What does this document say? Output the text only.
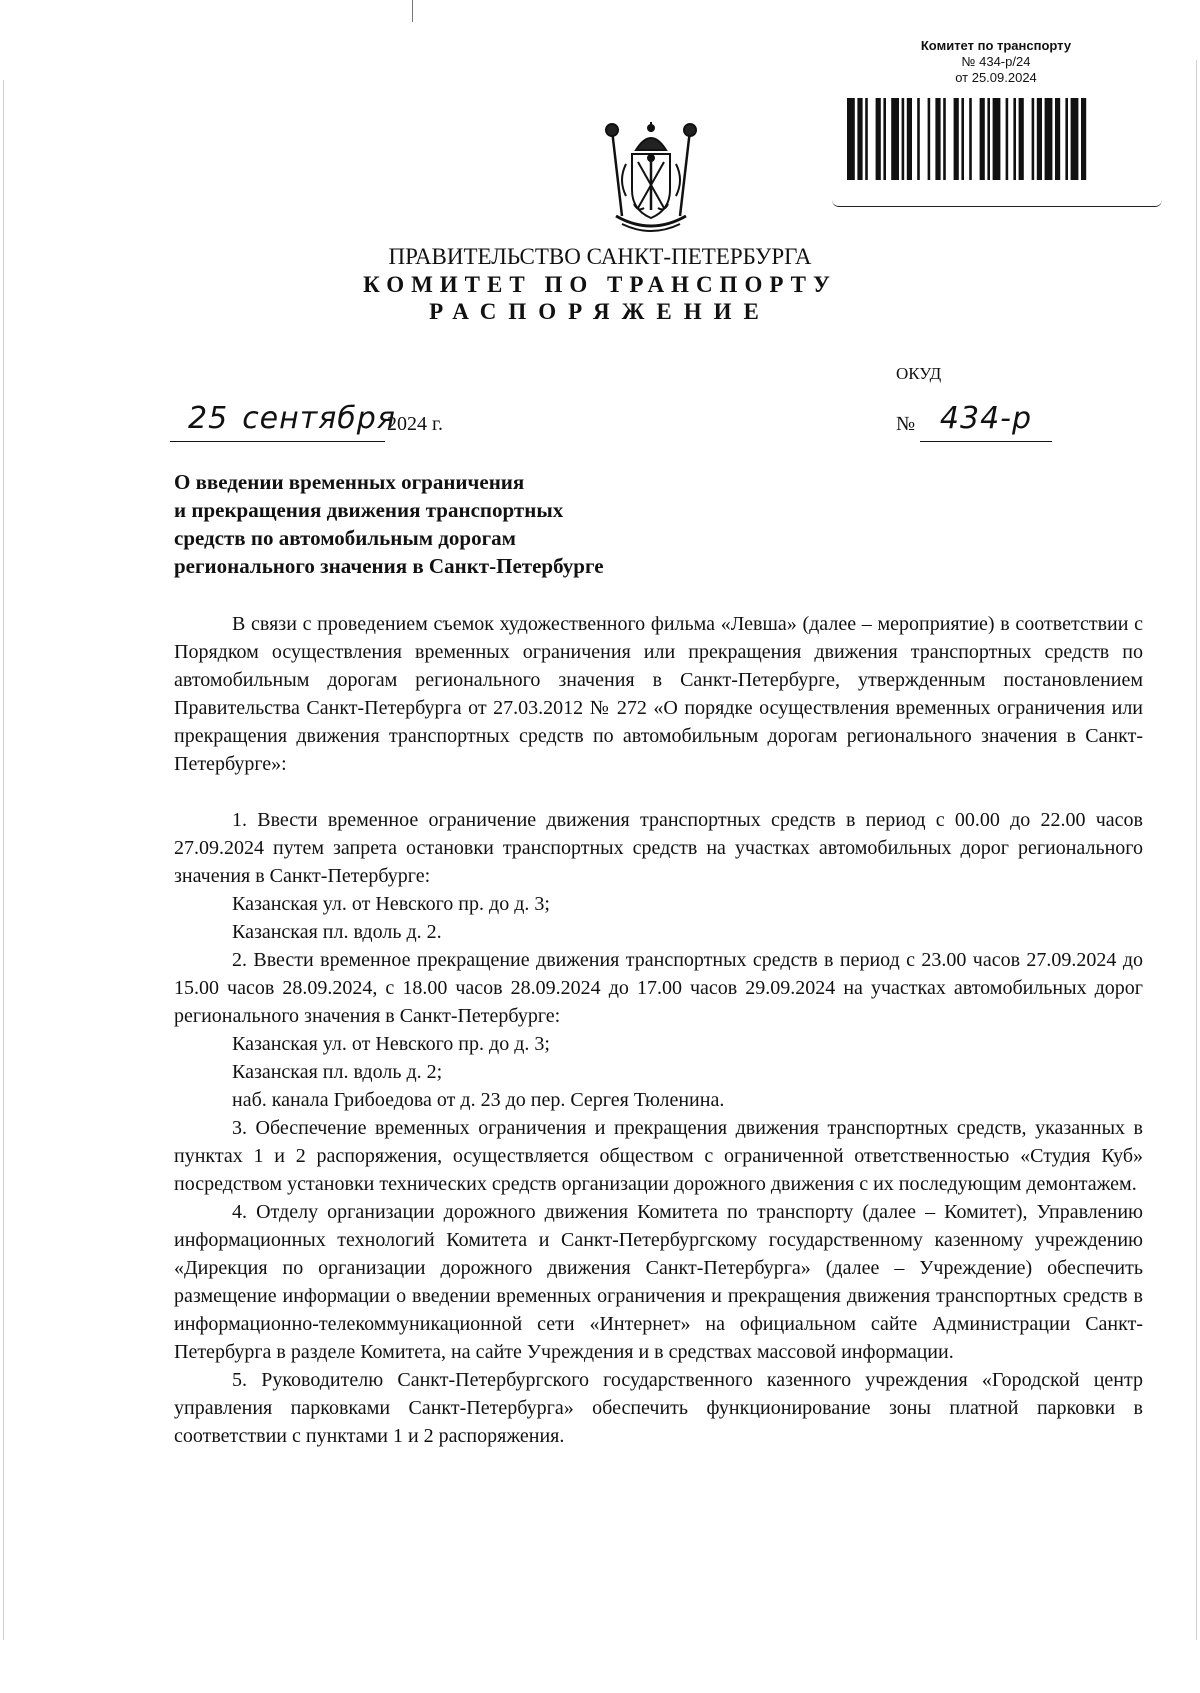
Комитет по транспорту
№ 434-р/24
от 25.09.2024
ПРАВИТЕЛЬСТВО САНКТ-ПЕТЕРБУРГА
КОМИТЕТ ПО ТРАНСПОРТУ
РАСПОРЯЖЕНИЕ
ОКУД
25 сентября
2024 г.	№ 434-р
О введении временных ограничения
и прекращения движения транспортных
средств по автомобильным дорогам
регионального значения в Санкт-Петербурге

В связи с проведением съемок художественного фильма «Левша» (далее – мероприятие) в соответствии с Порядком осуществления временных ограничения или прекращения движения транспортных средств по автомобильным дорогам регионального значения в Санкт-Петербурге, утвержденным постановлением Правительства Санкт-Петербурга от 27.03.2012 № 272 «О порядке осуществления временных ограничения или прекращения движения транспортных средств по автомобильным дорогам регионального значения в Санкт-Петербурге»:

1. Ввести временное ограничение движения транспортных средств в период с 00.00 до 22.00 часов 27.09.2024 путем запрета остановки транспортных средств на участках автомобильных дорог регионального значения в Санкт-Петербурге:

Казанская ул. от Невского пр. до д. 3;

Казанская пл. вдоль д. 2.

2. Ввести временное прекращение движения транспортных средств в период с 23.00 часов 27.09.2024 до 15.00 часов 28.09.2024, с 18.00 часов 28.09.2024 до 17.00 часов 29.09.2024 на участках автомобильных дорог регионального значения в Санкт-Петербурге:

Казанская ул. от Невского пр. до д. 3;

Казанская пл. вдоль д. 2;

наб. канала Грибоедова от д. 23 до пер. Сергея Тюленина.

3. Обеспечение временных ограничения и прекращения движения транспортных средств, указанных в пунктах 1 и 2 распоряжения, осуществляется обществом с ограниченной ответственностью «Студия Куб» посредством установки технических средств организации дорожного движения с их последующим демонтажем.

4. Отделу организации дорожного движения Комитета по транспорту (далее – Комитет), Управлению информационных технологий Комитета и Санкт-Петербургскому государственному казенному учреждению «Дирекция по организации дорожного движения Санкт-Петербурга» (далее – Учреждение) обеспечить размещение информации о введении временных ограничения и прекращения движения транспортных средств в информационно-телекоммуникационной сети «Интернет» на официальном сайте Администрации Санкт-Петербурга в разделе Комитета, на сайте Учреждения и в средствах массовой информации.

5. Руководителю Санкт-Петербургского государственного казенного учреждения «Городской центр управления парковками Санкт-Петербурга» обеспечить функционирование зоны платной парковки в соответствии с пунктами 1 и 2 распоряжения.
